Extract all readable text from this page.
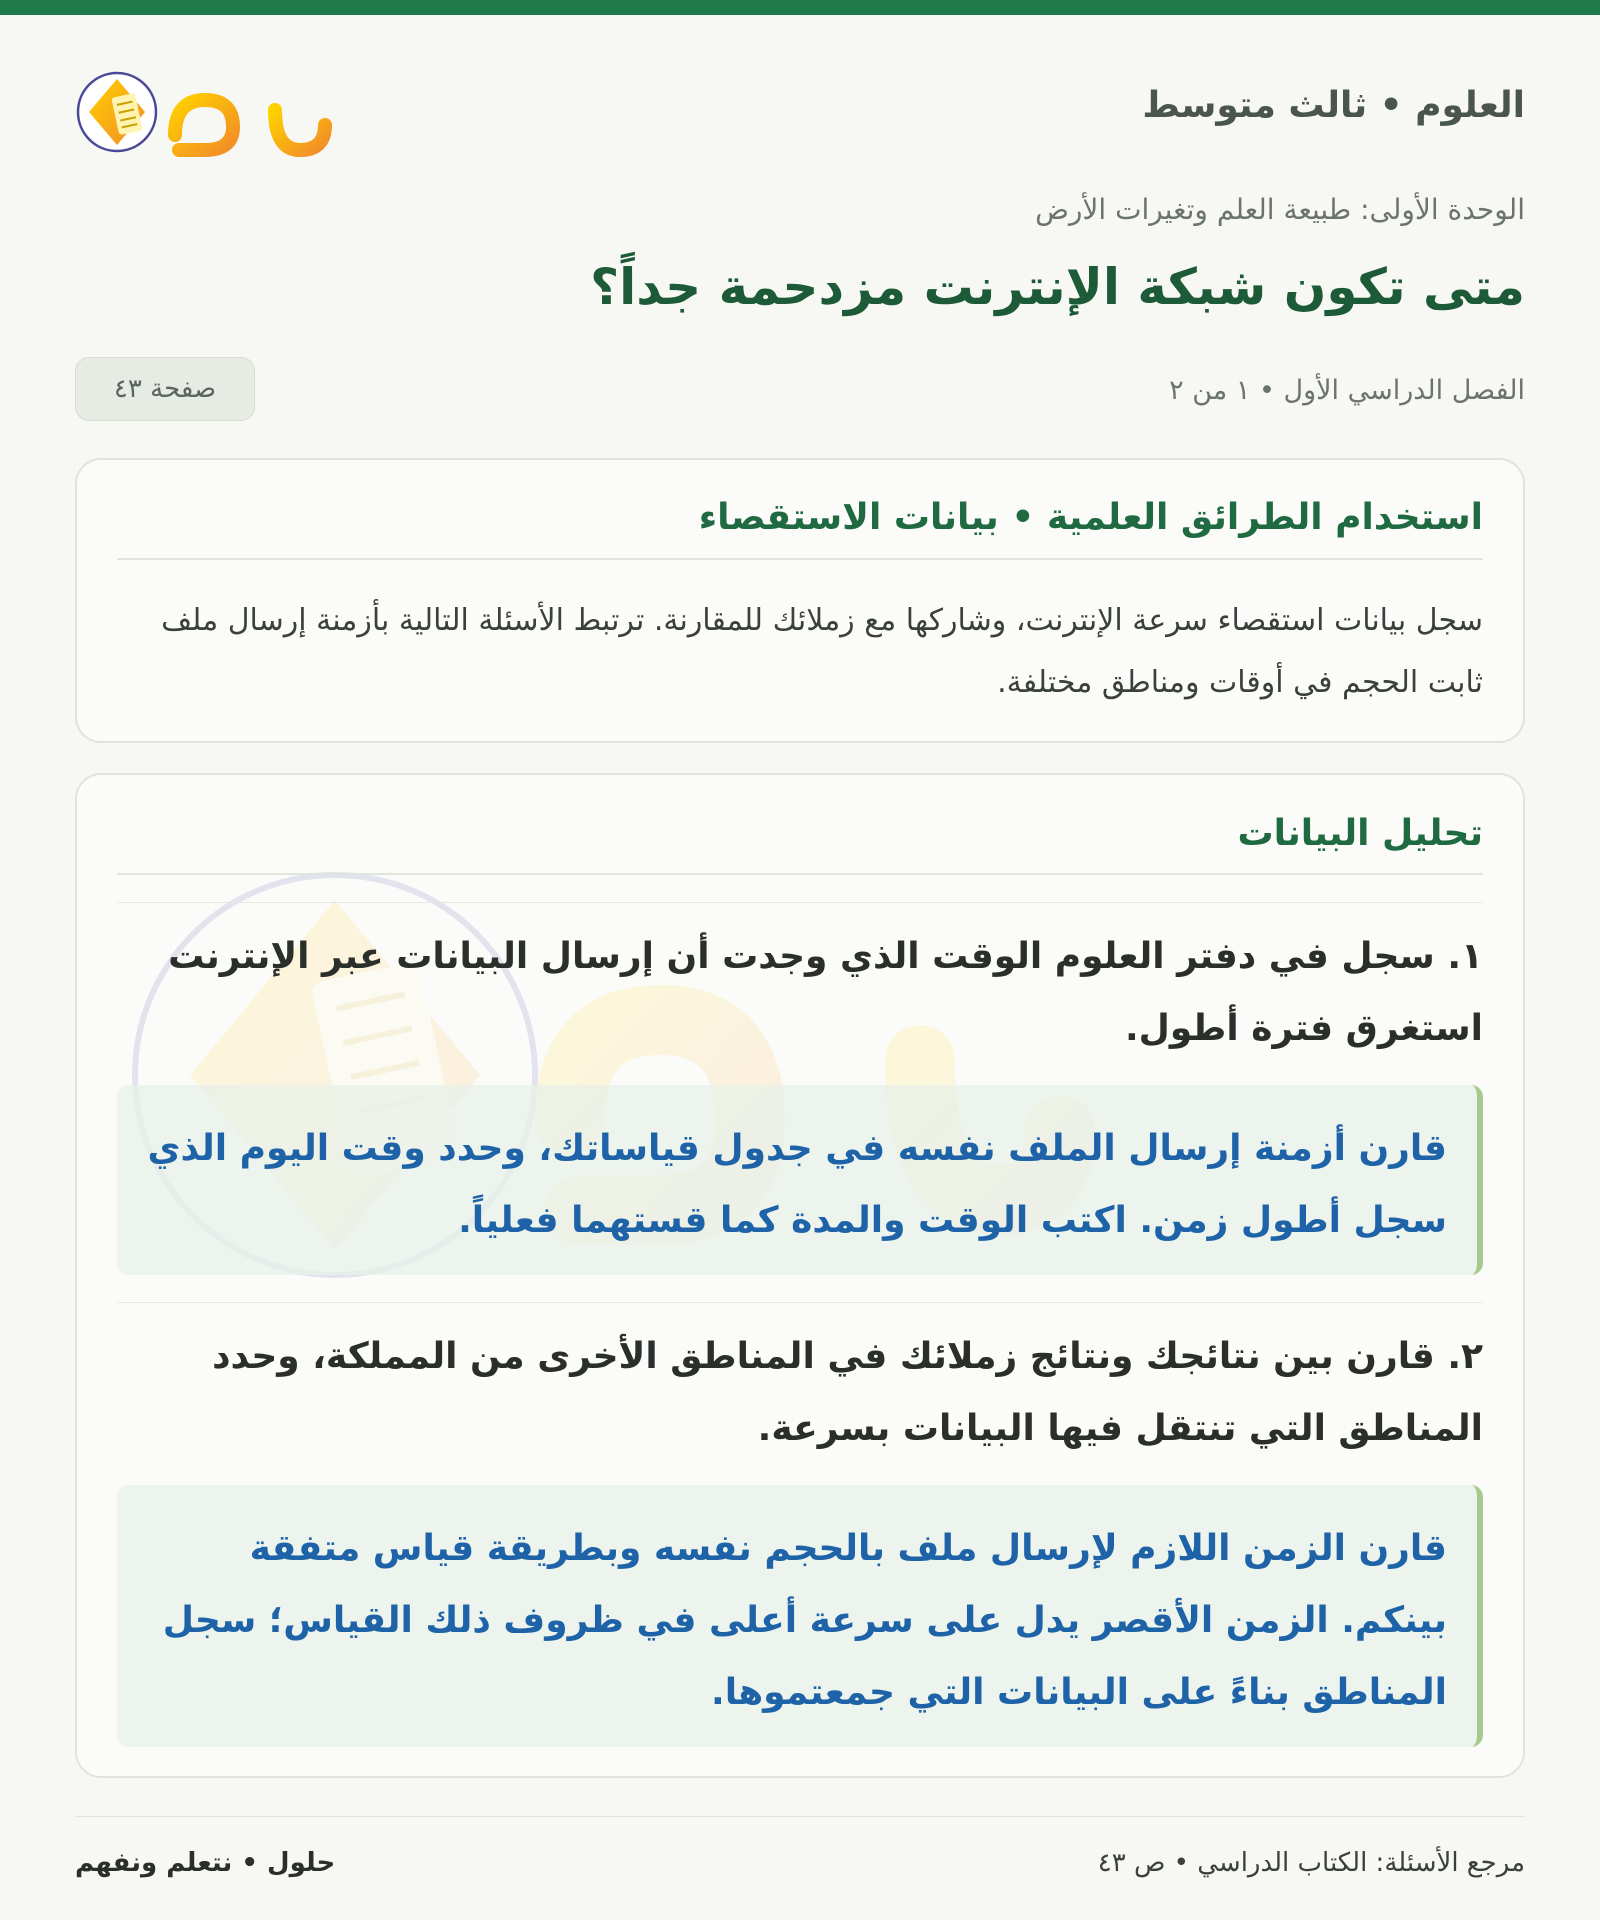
العلوم • ثالث متوسط
الوحدة الأولى: طبيعة العلم وتغيرات الأرض
متى تكون شبكة الإنترنت مزدحمة جداً؟
الفصل الدراسي الأول • ١ من ٢
صفحة ٤٣
استخدام الطرائق العلمية • بيانات الاستقصاء

سجل بيانات استقصاء سرعة الإنترنت، وشاركها مع زملائك للمقارنة. ترتبط الأسئلة التالية بأزمنة إرسال ملف ثابت الحجم في أوقات ومناطق مختلفة.

تحليل البيانات

١. سجل في دفتر العلوم الوقت الذي وجدت أن إرسال البيانات عبر الإنترنت استغرق فترة أطول.

قارن أزمنة إرسال الملف نفسه في جدول قياساتك، وحدد وقت اليوم الذي سجل أطول زمن. اكتب الوقت والمدة كما قستهما فعلياً.

٢. قارن بين نتائجك ونتائج زملائك في المناطق الأخرى من المملكة، وحدد المناطق التي تنتقل فيها البيانات بسرعة.

قارن الزمن اللازم لإرسال ملف بالحجم نفسه وبطريقة قياس متفقة بينكم. الزمن الأقصر يدل على سرعة أعلى في ظروف ذلك القياس؛ سجل المناطق بناءً على البيانات التي جمعتموها.
مرجع الأسئلة: الكتاب الدراسي • ص ٤٣
حلول • نتعلم ونفهم
